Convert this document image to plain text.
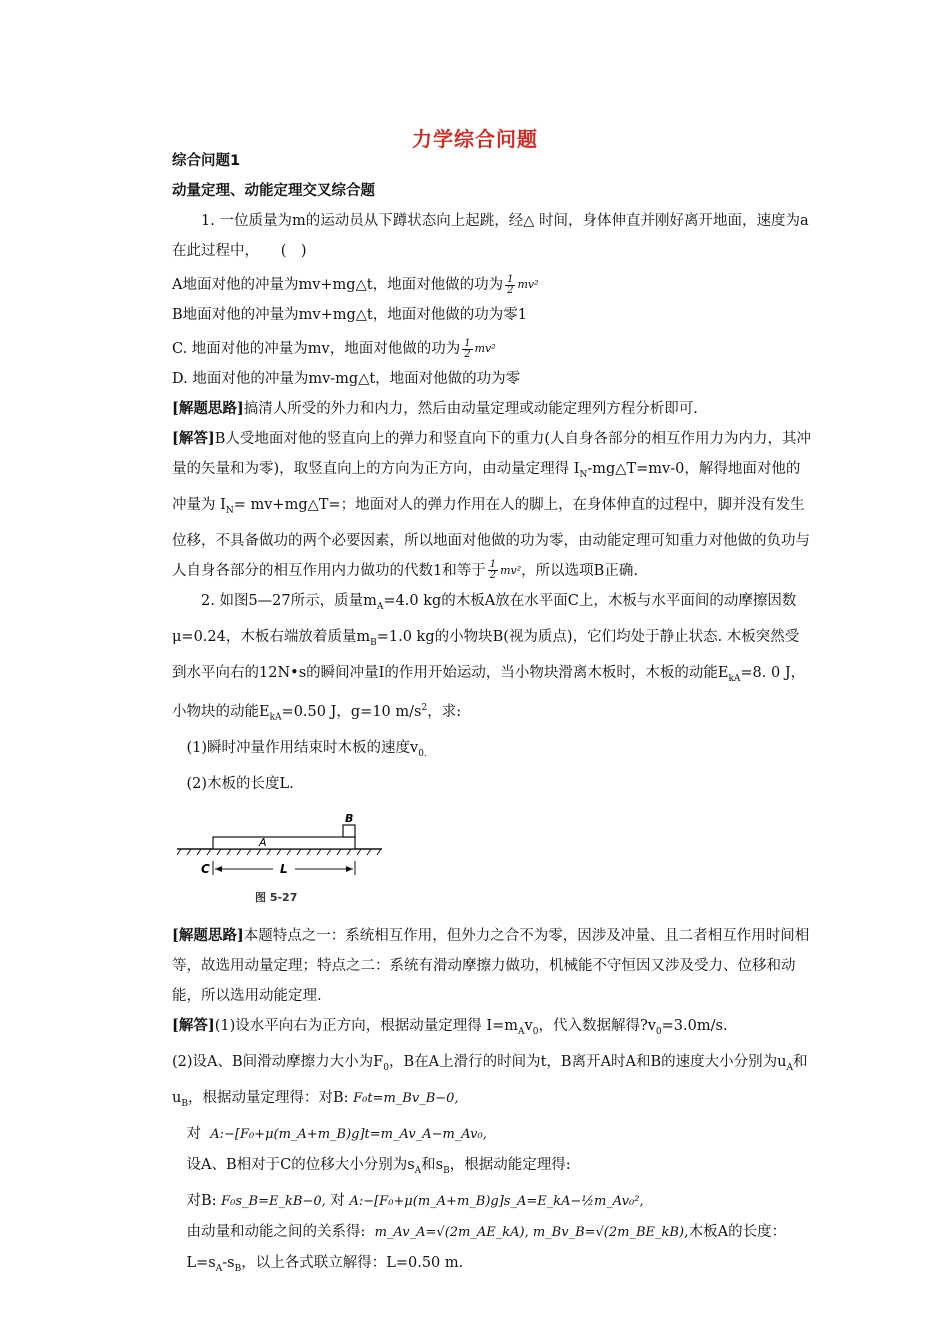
力学综合问题

综合问题1

动量定理、动能定理交叉综合题

1. 一位质量为m的运动员从下蹲状态向上起跳，经△ 时间，身体伸直并刚好离开地面，速度为a在此过程中，　　(　)

A地面对他的冲量为mv+mg△t，地面对他做的功为 $\frac{1}{2} mv^2$

B地面对他的冲量为mv+mg△t，地面对他做的功为零1

C. 地面对他的冲量为mv，地面对他做的功为 $\frac{1}{2} mv^2$

D. 地面对他的冲量为mv-mg△t，地面对他做的功为零

[解题思路]搞清人所受的外力和内力，然后由动量定理或动能定理列方程分析即可.

[解答]B人受地面对他的竖直向上的弹力和竖直向下的重力(人自身各部分的相互作用力为内力，其冲量的矢量和为零)，取竖直向上的方向为正方向，由动量定理得 $I_N-mg\triangle T=mv-0$，解得地面对他的冲量为 $I_N=$ mv+mg△T=；地面对人的弹力作用在人的脚上，在身体伸直的过程中，脚并没有发生位移，不具备做功的两个必要因素，所以地面对他做的功为零，由动能定理可知重力对他做的负功与人自身各部分的相互作用内力做功的代数1和等于 $\frac{1}{2} mv^2$，所以选项B正确.

2. 如图5—27所示，质量$m_A=4.0$ kg的木板A放在水平面C上，木板与水平面间的动摩擦因数 μ=0.24，木板右端放着质量$m_B=1.0$ kg的小物块B(视为质点)，它们均处于静止状态. 木板突然受到水平向右的12N•s的瞬间冲量I的作用开始运动，当小物块滑离木板时，木板的动能$E_{kA}=8$. 0 J，小物块的动能$E_{kA}=0.50$ J，g=10 $m/s^2$，求:

(1)瞬时冲量作用结束时木板的速度$v_{0.}$

(2)木板的长度L.

A
B
C	L
图 5-27

[解题思路]本题特点之一：系统相互作用，但外力之合不为零，因涉及冲量、且二者相互作用时间相等，故选用动量定理；特点之二：系统有滑动摩擦力做功，机械能不守恒因又涉及受力、位移和动能，所以选用动能定理.

[解答](1)设水平向右为正方向，根据动量定理得 $I=m_Av_0$，代入数据解得$?v_0=3.0m/s$.

(2)设A、B间滑动摩擦力大小为$F_0$，B在A上滑行的时间为t，B离开A时A和B的速度大小分别为$u_A$和$u_B$，根据动量定理得：对B: F₀t=m_Bv_B−0,

对 A:−[F₀+μ(m_A+m_B)g]t=m_Av_A−m_Av₀,

设A、B相对于C的位移大小分别为$s_A$和$s_B$，根据动能定理得:

对B: F₀s_B=E_kB−0, 对 A:−[F₀+μ(m_A+m_B)g]s_A=E_kA−½m_Av₀²,

由动量和动能之间的关系得: m_Av_A=√(2m_AE_kA), m_Bv_B=√(2m_BE_kB),木板A的长度：$L=s_A-s_B$，以上各式联立解得：L=0.50 m.
